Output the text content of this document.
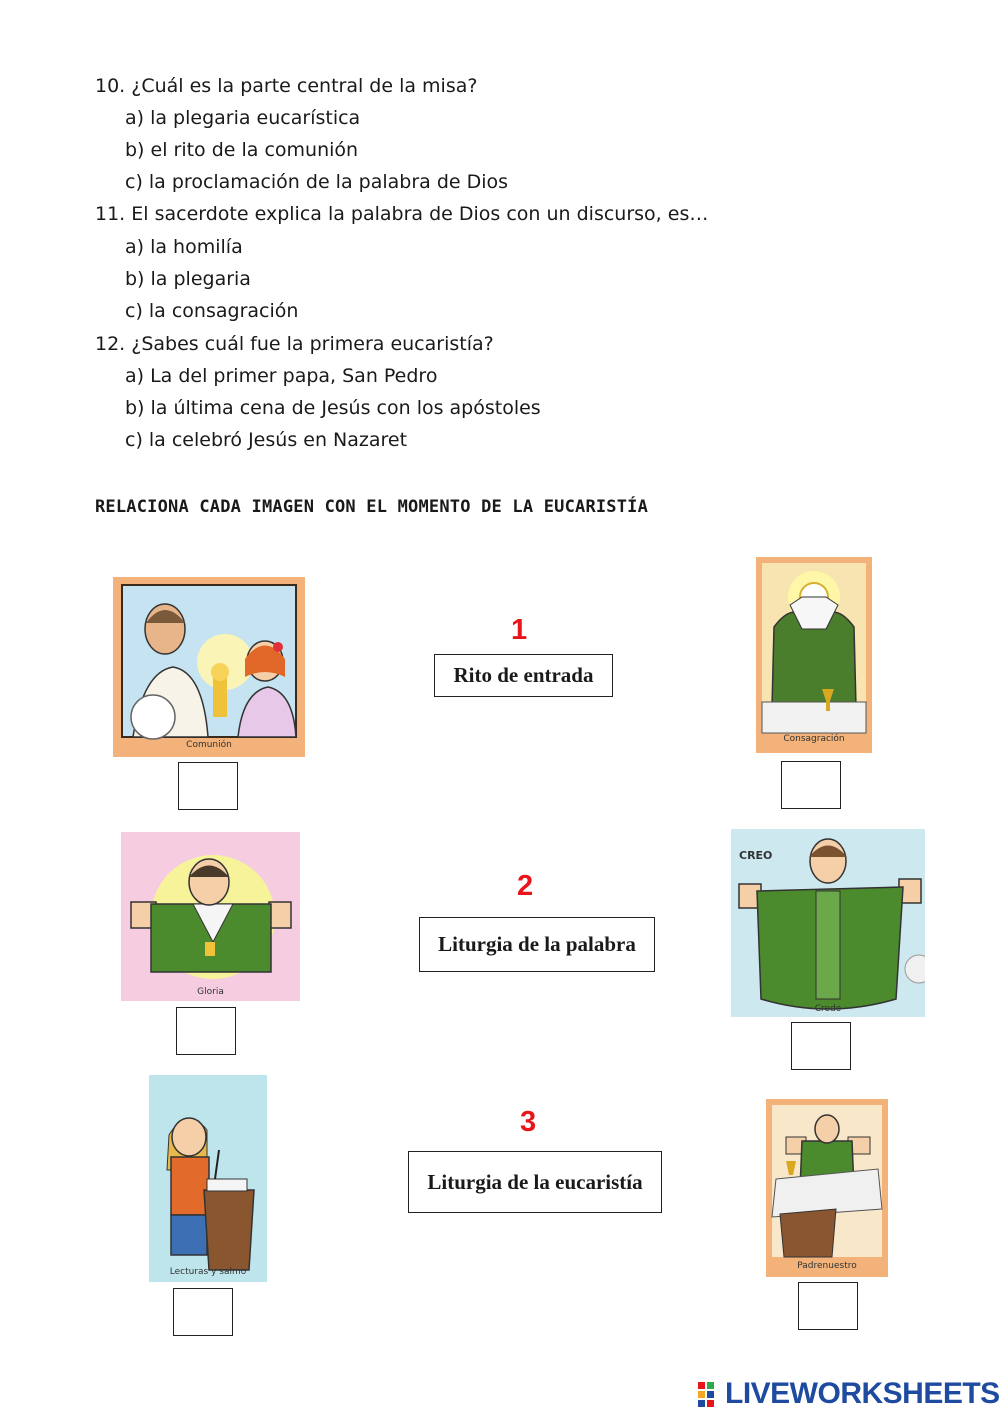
10. ¿Cuál es la parte central de la misa?
a) la plegaria eucarística
b) el rito de la comunión
c) la proclamación de la palabra de Dios
11. El sacerdote explica la palabra de Dios con un discurso, es…
a) la homilía
b) la plegaria
c) la consagración
12. ¿Sabes cuál fue la primera eucaristía?
a) La del primer papa, San Pedro
b) la última cena de Jesús con los apóstoles
c) la celebró Jesús en Nazaret
RELACIONA CADA IMAGEN CON EL MOMENTO DE LA EUCARISTÍA
Comunión
Gloria
Lecturas y salmo
1
Rito de entrada
2
Liturgia de la palabra
3
Liturgia de la eucaristía
Consagración
CREO
Credo
Padrenuestro
LIVEWORKSHEETS
